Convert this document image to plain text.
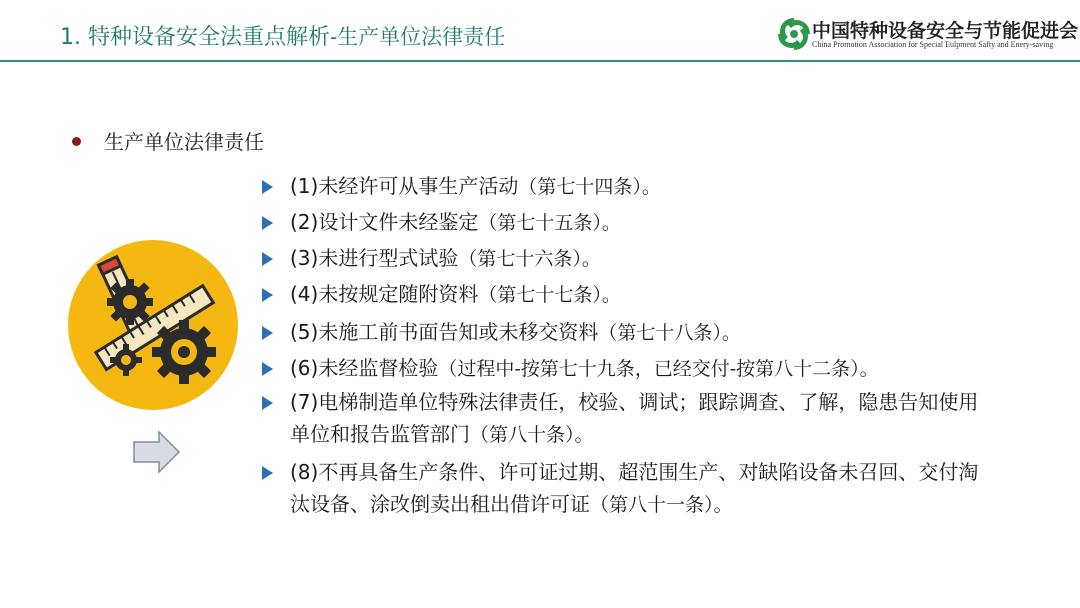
1. 特种设备安全法重点解析-生产单位法律责任	中国特种设备安全与节能促进会
China Promotion Association for Special Eulpment Safty and Enery-saving
生产单位法律责任
(1)未经许可从事生产活动（第七十四条）。
(2)设计文件未经鉴定（第七十五条）。
(3)未进行型式试验（第七十六条）。
(4)未按规定随附资料（第七十七条）。
(5)未施工前书面告知或未移交资料（第七十八条）。
(6)未经监督检验（过程中-按第七十九条，已经交付-按第八十二条）。
(7)电梯制造单位特殊法律责任，校验、调试；跟踪调查、了解，隐患告知使用单位和报告监管部门（第八十条）。
(8)不再具备生产条件、许可证过期、超范围生产、对缺陷设备未召回、交付淘汰设备、涂改倒卖出租出借许可证（第八十一条）。
